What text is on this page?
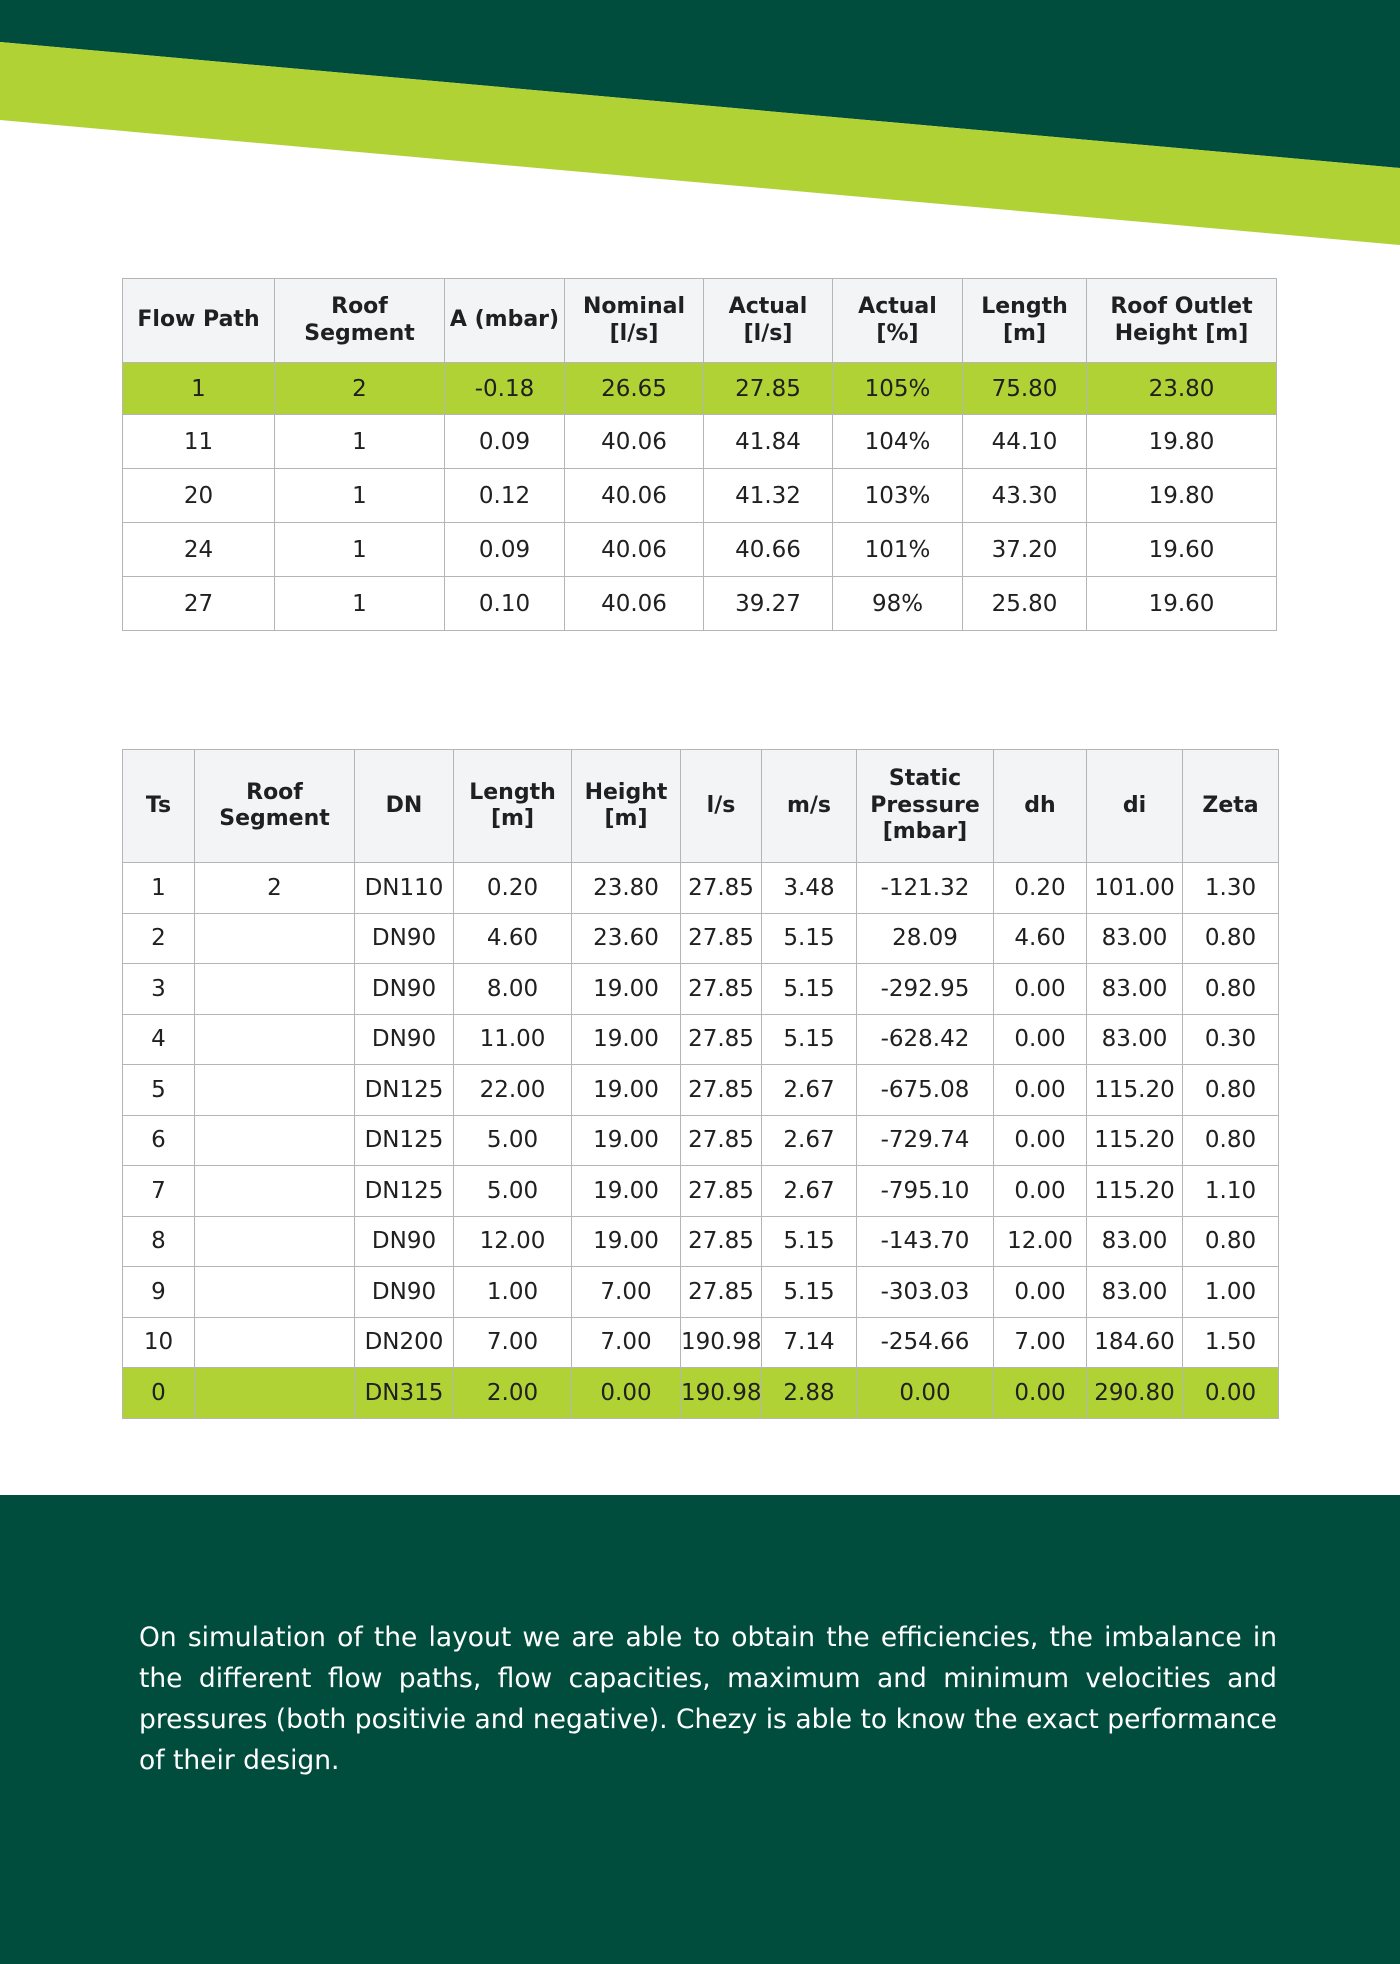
Flow Path	Roof Segment	A (mbar)	Nominal [l/s]	Actual [l/s]	Actual [%]	Length [m]	Roof Outlet Height [m]
1	2	-0.18	26.65	27.85	105%	75.80	23.80
11	1	0.09	40.06	41.84	104%	44.10	19.80
20	1	0.12	40.06	41.32	103%	43.30	19.80
24	1	0.09	40.06	40.66	101%	37.20	19.60
27	1	0.10	40.06	39.27	98%	25.80	19.60
Ts	Roof Segment	DN	Length [m]	Height [m]	l/s	m/s	Static Pressure [mbar]	dh	di	Zeta
1	2	DN110	0.20	23.80	27.85	3.48	-121.32	0.20	101.00	1.30
2		DN90	4.60	23.60	27.85	5.15	28.09	4.60	83.00	0.80
3		DN90	8.00	19.00	27.85	5.15	-292.95	0.00	83.00	0.80
4		DN90	11.00	19.00	27.85	5.15	-628.42	0.00	83.00	0.30
5		DN125	22.00	19.00	27.85	2.67	-675.08	0.00	115.20	0.80
6		DN125	5.00	19.00	27.85	2.67	-729.74	0.00	115.20	0.80
7		DN125	5.00	19.00	27.85	2.67	-795.10	0.00	115.20	1.10
8		DN90	12.00	19.00	27.85	5.15	-143.70	12.00	83.00	0.80
9		DN90	1.00	7.00	27.85	5.15	-303.03	0.00	83.00	1.00
10		DN200	7.00	7.00	190.98	7.14	-254.66	7.00	184.60	1.50
0		DN315	2.00	0.00	190.98	2.88	0.00	0.00	290.80	0.00

On simulation of the layout we are able to obtain the efficiencies, the imbalance in the different flow paths, flow capacities, maximum and minimum velocities and pressures (both positivie and negative). Chezy is able to know the exact performance of their design.
